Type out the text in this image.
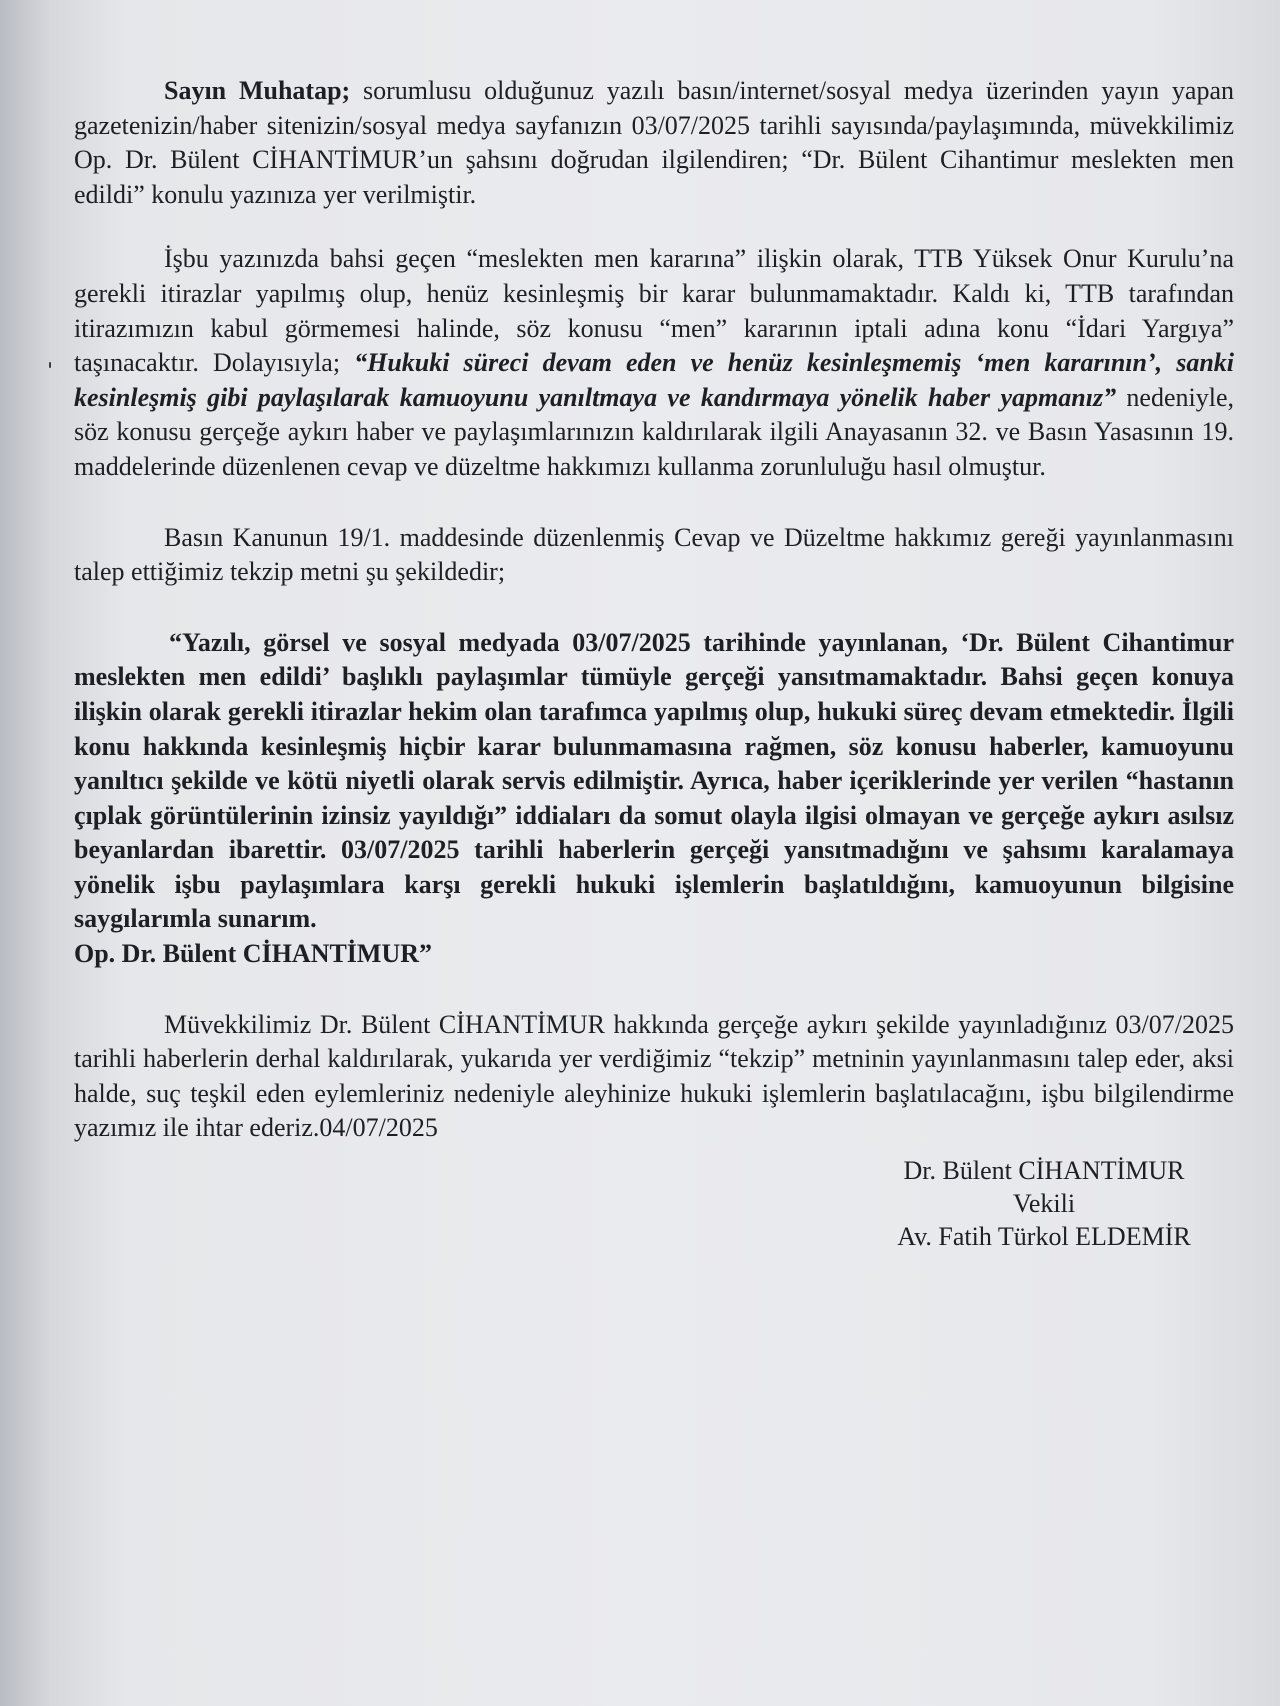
Sayın Muhatap; sorumlusu olduğunuz yazılı basın/internet/sosyal medya üzerinden yayın yapan gazetenizin/haber sitenizin/sosyal medya sayfanızın 03/07/2025 tarihli sayısında/paylaşımında, müvekkilimiz Op. Dr. Bülent CİHANTİMUR’un şahsını doğrudan ilgilendiren; “Dr. Bülent Cihantimur meslekten men edildi” konulu yazınıza yer verilmiştir.

İşbu yazınızda bahsi geçen “meslekten men kararına” ilişkin olarak, TTB Yüksek Onur Kurulu’na gerekli itirazlar yapılmış olup, henüz kesinleşmiş bir karar bulunmamaktadır. Kaldı ki, TTB tarafından itirazımızın kabul görmemesi halinde, söz konusu “men” kararının iptali adına konu “İdari Yargıya” taşınacaktır. Dolayısıyla; “Hukuki süreci devam eden ve henüz kesinleşmemiş ‘men kararının’, sanki kesinleşmiş gibi paylaşılarak kamuoyunu yanıltmaya ve kandırmaya yönelik haber yapmanız” nedeniyle, söz konusu gerçeğe aykırı haber ve paylaşımlarınızın kaldırılarak ilgili Anayasanın 32. ve Basın Yasasının 19. maddelerinde düzenlenen cevap ve düzeltme hakkımızı kullanma zorunluluğu hasıl olmuştur.

Basın Kanunun 19/1. maddesinde düzenlenmiş Cevap ve Düzeltme hakkımız gereği yayınlanmasını talep ettiğimiz tekzip metni şu şekildedir;

“Yazılı, görsel ve sosyal medyada 03/07/2025 tarihinde yayınlanan, ‘Dr. Bülent Cihantimur meslekten men edildi’ başlıklı paylaşımlar tümüyle gerçeği yansıtmamaktadır. Bahsi geçen konuya ilişkin olarak gerekli itirazlar hekim olan tarafımca yapılmış olup, hukuki süreç devam etmektedir. İlgili konu hakkında kesinleşmiş hiçbir karar bulunmamasına rağmen, söz konusu haberler, kamuoyunu yanıltıcı şekilde ve kötü niyetli olarak servis edilmiştir. Ayrıca, haber içeriklerinde yer verilen “hastanın çıplak görüntülerinin izinsiz yayıldığı” iddiaları da somut olayla ilgisi olmayan ve gerçeğe aykırı asılsız beyanlardan ibarettir. 03/07/2025 tarihli haberlerin gerçeği yansıtmadığını ve şahsımı karalamaya yönelik işbu paylaşımlara karşı gerekli hukuki işlemlerin başlatıldığını, kamuoyunun bilgisine saygılarımla sunarım.

Op. Dr. Bülent CİHANTİMUR”

Müvekkilimiz Dr. Bülent CİHANTİMUR hakkında gerçeğe aykırı şekilde yayınladığınız 03/07/2025 tarihli haberlerin derhal kaldırılarak, yukarıda yer verdiğimiz “tekzip” metninin yayınlanmasını talep eder, aksi halde, suç teşkil eden eylemleriniz nedeniyle aleyhinize hukuki işlemlerin başlatılacağını, işbu bilgilendirme yazımız ile ihtar ederiz.04/07/2025

Dr. Bülent CİHANTİMUR
Vekili
Av. Fatih Türkol ELDEMİR
